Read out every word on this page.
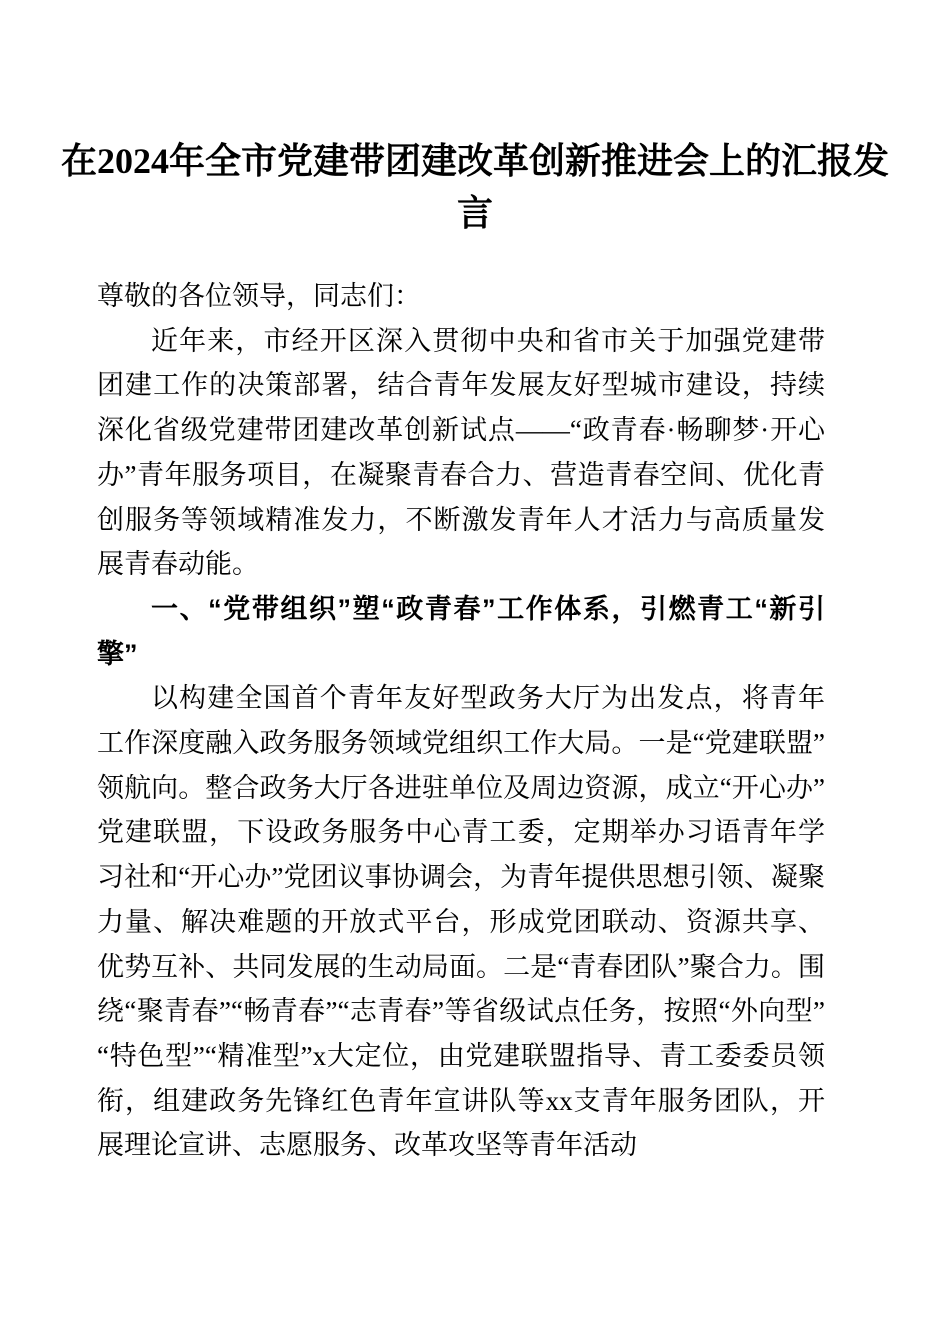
在2024年全市党建带团建改革创新推进会上的汇报发言

尊敬的各位领导，同志们：

近年来，市经开区深入贯彻中央和省市关于加强党建带团建工作的决策部署，结合青年发展友好型城市建设，持续深化省级党建带团建改革创新试点——“政青春·畅聊梦·开心办”青年服务项目，在凝聚青春合力、营造青春空间、优化青创服务等领域精准发力，不断激发青年人才活力与高质量发展青春动能。

一、“党带组织”塑“政青春”工作体系，引燃青工“新引擎”

以构建全国首个青年友好型政务大厅为出发点，将青年工作深度融入政务服务领域党组织工作大局。一是“党建联盟”领航向。整合政务大厅各进驻单位及周边资源，成立“开心办”党建联盟，下设政务服务中心青工委，定期举办习语青年学习社和“开心办”党团议事协调会，为青年提供思想引领、凝聚力量、解决难题的开放式平台，形成党团联动、资源共享、优势互补、共同发展的生动局面。二是“青春团队”聚合力。围绕“聚青春”“畅青春”“志青春”等省级试点任务，按照“外向型”“特色型”“精准型”x大定位，由党建联盟指导、青工委委员领衔，组建政务先锋红色青年宣讲队等xx支青年服务团队，开展理论宣讲、志愿服务、改革攻坚等青年活动
